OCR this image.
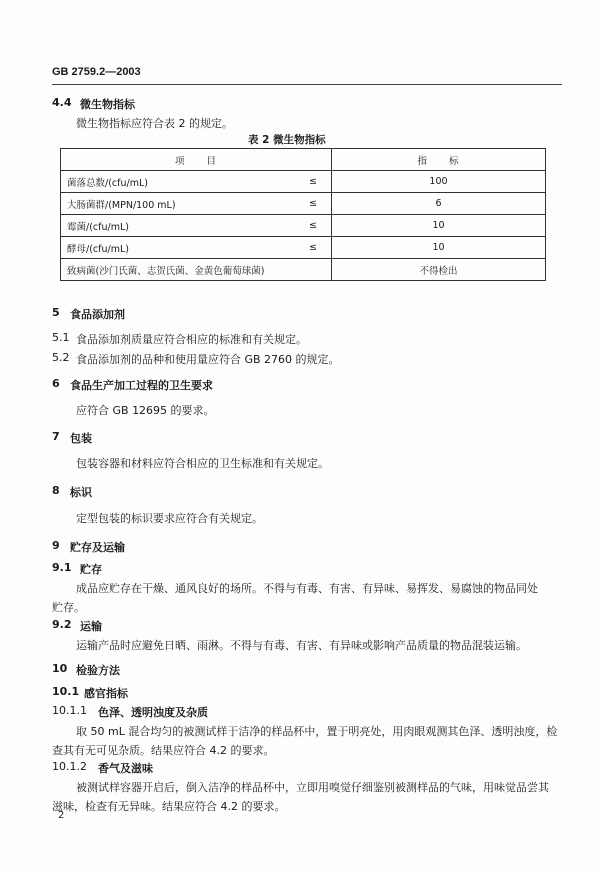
GB 2759.2—2003
4.4 微生物指标
微生物指标应符合表 2 的规定。
表 2 微生物指标
项　　目		指　　标
菌落总数/(cfu/mL)	≤	100
大肠菌群/(MPN/100 mL)	≤	6
霉菌/(cfu/mL)	≤	10
酵母/(cfu/mL)	≤	10
致病菌(沙门氏菌、志贺氏菌、金黄色葡萄球菌)		不得检出
5 食品添加剂
5.1 食品添加剂质量应符合相应的标准和有关规定。
5.2 食品添加剂的品种和使用量应符合 GB 2760 的规定。
6 食品生产加工过程的卫生要求
应符合 GB 12695 的要求。
7 包装
包装容器和材料应符合相应的卫生标准和有关规定。
8 标识
定型包装的标识要求应符合有关规定。
9 贮存及运输
9.1 贮存
成品应贮存在干燥、通风良好的场所。不得与有毒、有害、有异味、易挥发、易腐蚀的物品同处
贮存。
9.2 运输
运输产品时应避免日晒、雨淋。不得与有毒、有害、有异味或影响产品质量的物品混装运输。
10 检验方法
10.1 感官指标
10.1.1 色泽、透明浊度及杂质
取 50 mL 混合均匀的被测试样于洁净的样品杯中，置于明亮处，用肉眼观测其色泽、透明浊度，检
查其有无可见杂质。结果应符合 4.2 的要求。
10.1.2 香气及滋味
被测试样容器开启后，倒入洁净的样品杯中，立即用嗅觉仔细鉴别被测样品的气味，用味觉品尝其
滋味，检查有无异味。结果应符合 4.2 的要求。
2
